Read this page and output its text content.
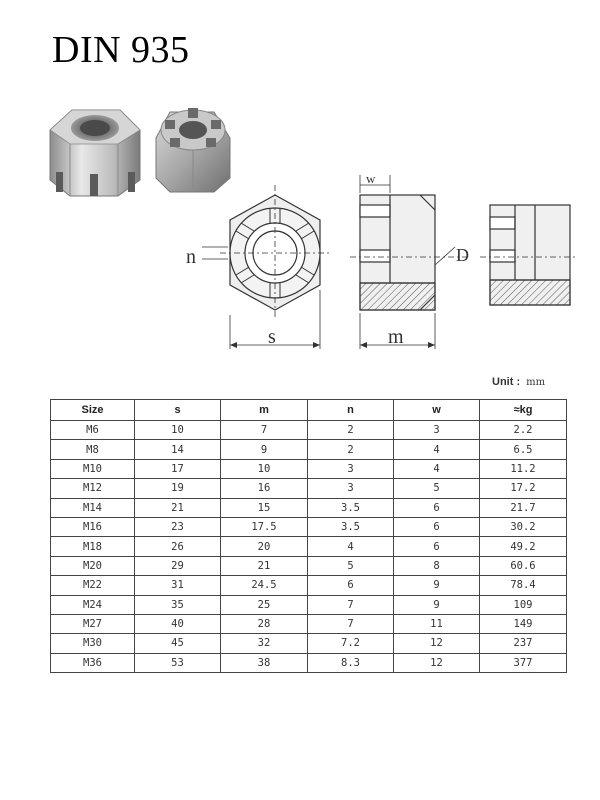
DIN 935
n
s
w
D
m
Unit : mm
Size	s	m	n	w	≈kg
M6	10	7	2	3	2.2
M8	14	9	2	4	6.5
M10	17	10	3	4	11.2
M12	19	16	3	5	17.2
M14	21	15	3.5	6	21.7
M16	23	17.5	3.5	6	30.2
M18	26	20	4	6	49.2
M20	29	21	5	8	60.6
M22	31	24.5	6	9	78.4
M24	35	25	7	9	109
M27	40	28	7	11	149
M30	45	32	7.2	12	237
M36	53	38	8.3	12	377
